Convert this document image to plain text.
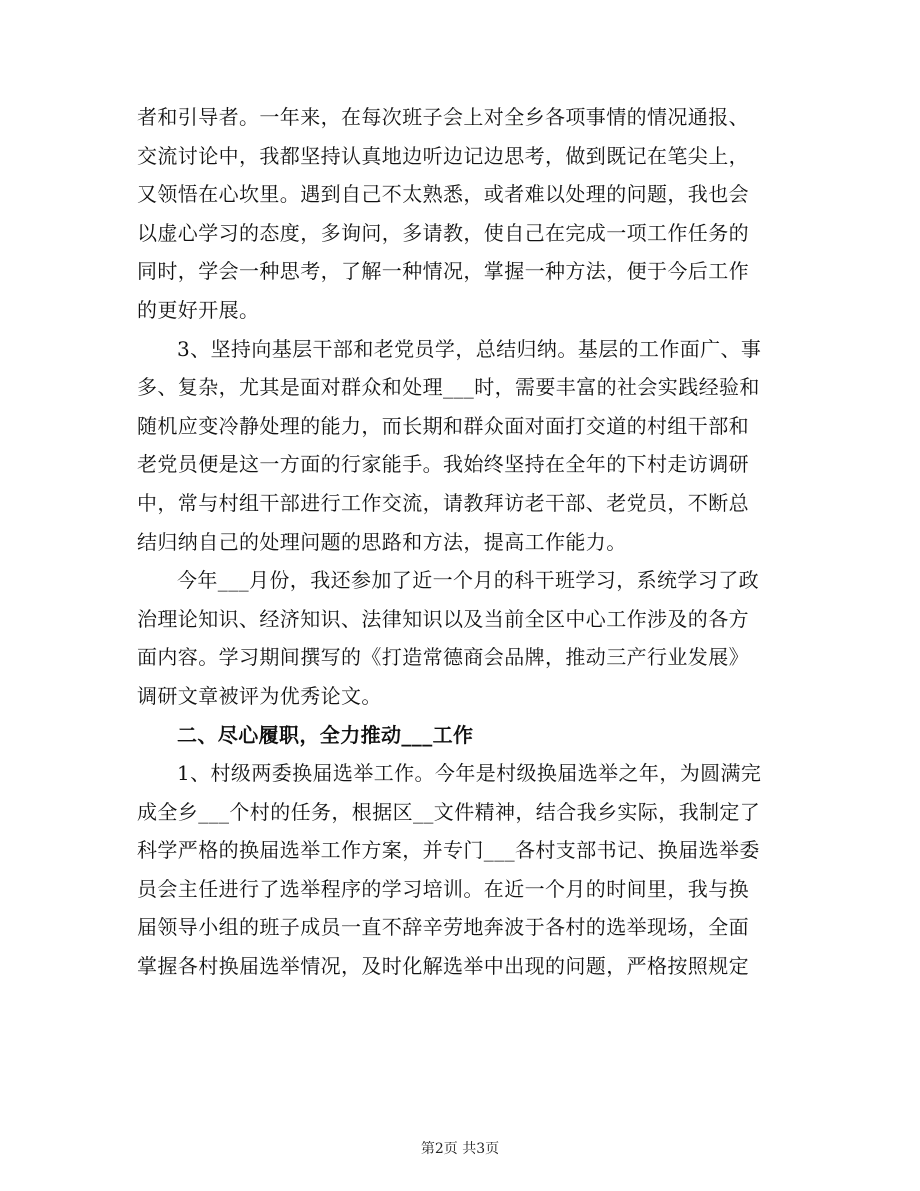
者和引导者。一年来，在每次班子会上对全乡各项事情的情况通报、
交流讨论中，我都坚持认真地边听边记边思考，做到既记在笔尖上，
又领悟在心坎里。遇到自己不太熟悉，或者难以处理的问题，我也会
以虚心学习的态度，多询问，多请教，使自己在完成一项工作任务的
同时，学会一种思考，了解一种情况，掌握一种方法，便于今后工作
的更好开展。

3、坚持向基层干部和老党员学，总结归纳。基层的工作面广、事
多、复杂，尤其是面对群众和处理___时，需要丰富的社会实践经验和
随机应变冷静处理的能力，而长期和群众面对面打交道的村组干部和
老党员便是这一方面的行家能手。我始终坚持在全年的下村走访调研
中，常与村组干部进行工作交流，请教拜访老干部、老党员，不断总
结归纳自己的处理问题的思路和方法，提高工作能力。

今年___月份，我还参加了近一个月的科干班学习，系统学习了政
治理论知识、经济知识、法律知识以及当前全区中心工作涉及的各方
面内容。学习期间撰写的《打造常德商会品牌，推动三产行业发展》
调研文章被评为优秀论文。

二、尽心履职，全力推动___工作

1、村级两委换届选举工作。今年是村级换届选举之年，为圆满完
成全乡___个村的任务，根据区__文件精神，结合我乡实际，我制定了
科学严格的换届选举工作方案，并专门___各村支部书记、换届选举委
员会主任进行了选举程序的学习培训。在近一个月的时间里，我与换
届领导小组的班子成员一直不辞辛劳地奔波于各村的选举现场，全面
掌握各村换届选举情况，及时化解选举中出现的问题，严格按照规定

第2页 共3页
